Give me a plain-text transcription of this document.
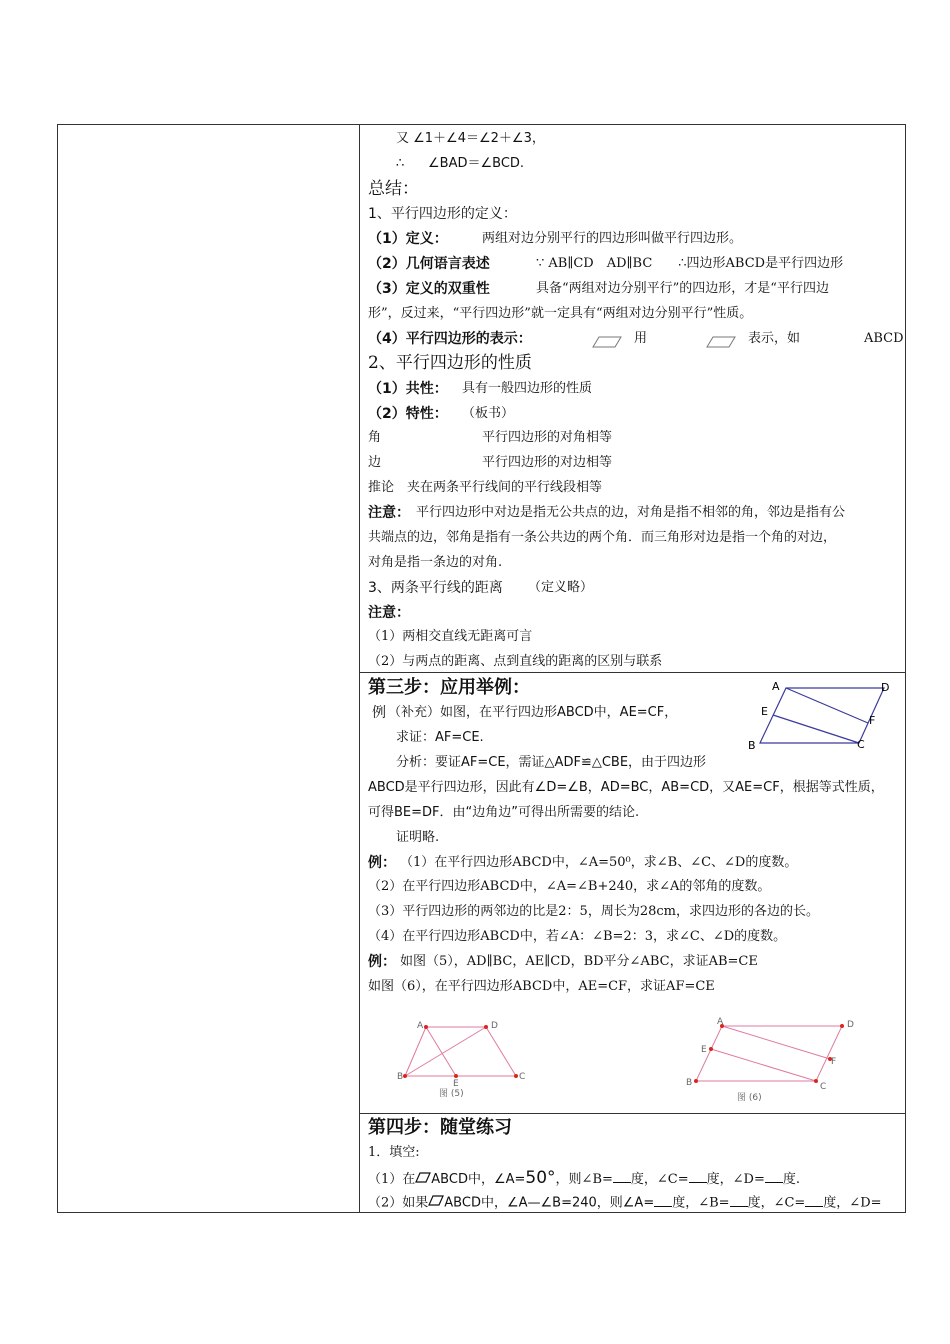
又 ∠1＋∠4＝∠2＋∠3，
∴ ∠BAD＝∠BCD.
总结：
1、平行四边形的定义：
（1）定义：	两组对边分别平行的四边形叫做平行四边形。
（2）几何语言表述	∵ AB∥CD　AD∥BC　　∴四边形ABCD是平行四边形
（3）定义的双重性	具备“两组对边分别平行”的四边形，才是“平行四边
形”，反过来，“平行四边形”就一定具有“两组对边分别平行”性质。
（4）平行四边形的表示：	用	表示，如	ABCD
2、平行四边形的性质
（1）共性： 具有一般四边形的性质
（2）特性： （板书）
角	平行四边形的对角相等
边	平行四边形的对边相等
推论　夹在两条平行线间的平行线段相等
注意： 平行四边形中对边是指无公共点的边，对角是指不相邻的角，邻边是指有公
共端点的边，邻角是指有一条公共边的两个角．而三角形对边是指一个角的对边，
对角是指一条边的对角.
3、两条平行线的距离 （定义略）
注意：
（1）两相交直线无距离可言
（2）与两点的距离、点到直线的距离的区别与联系
第三步：应用举例：
例 （补充）如图，在平行四边形ABCD中，AE=CF，
求证：AF=CE.
分析：要证AF=CE，需证△ADF≌△CBE，由于四边形
ABCD是平行四边形，因此有∠D=∠B，AD=BC，AB=CD，又AE=CF，根据等式性质，
可得BE=DF．由“边角边”可得出所需要的结论.
证明略.
A	D
E
F
B	C
例： （1）在平行四边形ABCD中，∠A=50⁰，求∠B、∠C、∠D的度数。
（2）在平行四边形ABCD中，∠A=∠B+240，求∠A的邻角的度数。
（3）平行四边形的两邻边的比是2：5，周长为28cm，求四边形的各边的长。
（4）在平行四边形ABCD中，若∠A：∠B=2：3，求∠C、∠D的度数。
例： 如图（5），AD∥BC，AE∥CD，BD平分∠ABC，求证AB=CE
如图（6），在平行四边形ABCD中，AE=CF，求证AF=CE
A	D
B	C
E
图 (5)
A	D
E
F
B	C
图 (6)
第四步：随堂练习
1．填空:
（1）在 ABCD中，∠A=50°，则∠B= 度，∠C= 度，∠D= 度.
（2）如果 ABCD中，∠A—∠B=240，则∠A= 度，∠B= 度，∠C= 度，∠D=
